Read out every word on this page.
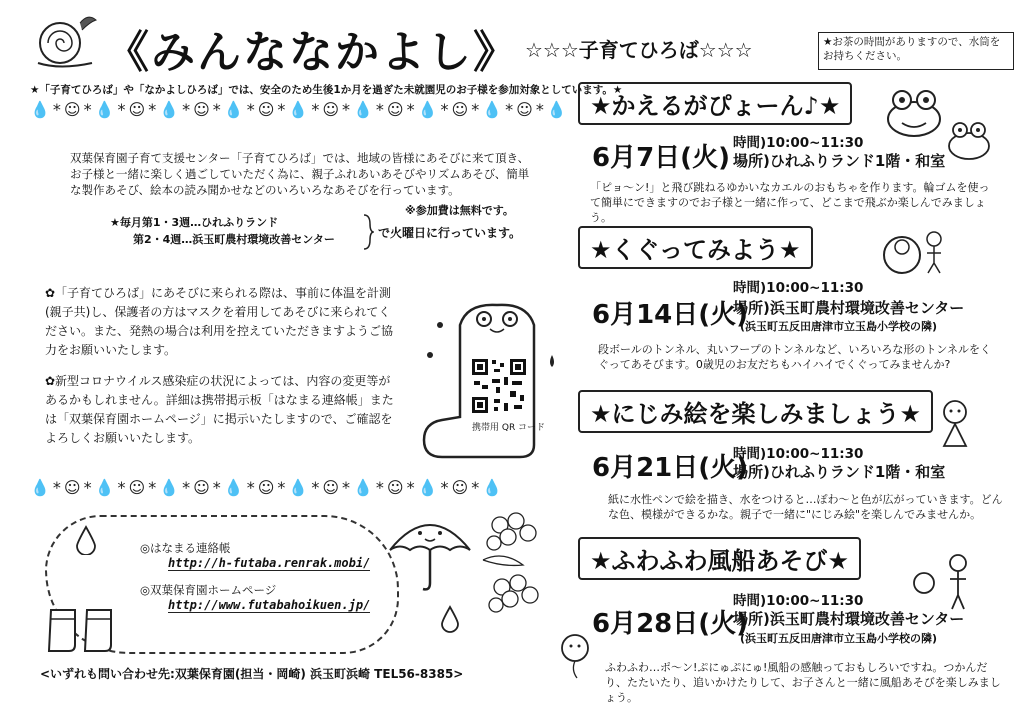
《みんななかよし》 ☆☆☆子育てひろば☆☆☆	★お茶の時間がありますので、水筒をお持ちください。
★「子育てひろば」や「なかよしひろば」では、安全のため生後1か月を過ぎた未就園児のお子様を参加対象としています。★
💧*☺*💧*☺*💧*☺*💧*☺*💧*☺*💧*☺*💧*☺*💧*☺*💧
双葉保育園子育て支援センター「子育てひろば」では、地域の皆様にあそびに来て頂き、お子様と一緒に楽しく過ごしていただく為に、親子ふれあいあそびやリズムあそび、簡単な製作あそび、絵本の読み聞かせなどのいろいろなあそびを行っています。
※参加費は無料です。
★毎月第1・3週…ひれふりランド
第2・4週…浜玉町農村環境改善センター	で火曜日に行っています。
✿「子育てひろば」にあそびに来られる際は、事前に体温を計測(親子共)し、保護者の方はマスクを着用してあそびに来られてください。また、発熱の場合は利用を控えていただきますようご協力をお願いいたします。
✿新型コロナウイルス感染症の状況によっては、内容の変更等があるかもしれません。詳細は携帯掲示板「はなまる連絡帳」または「双葉保育園ホームページ」に掲示いたしますので、ご確認をよろしくお願いいたします。
携帯用 QR コード
💧*☺*💧*☺*💧*☺*💧*☺*💧*☺*💧*☺*💧*☺*💧
◎はなまる連絡帳
http://h-futaba.renrak.mobi/
◎双葉保育園ホームページ
http://www.futabahoikuen.jp/
<いずれも問い合わせ先:双葉保育園(担当・岡崎) 浜玉町浜崎 TEL56-8385>
★かえるがぴょーん♪★
6月7日(火) 時間)10:00~11:30
場所)ひれふりランド1階・和室
「ピョ〜ン!」と飛び跳ねるゆかいなカエルのおもちゃを作ります。輪ゴムを使って簡単にできますのでお子様と一緒に作って、どこまで飛ぶか楽しんでみましょう。
★くぐってみよう★
6月14日(火)
時間)10:00~11:30
場所)浜玉町農村環境改善センター
(浜玉町五反田唐津市立玉島小学校の隣)
段ボールのトンネル、丸いフープのトンネルなど、いろいろな形のトンネルをくぐってあそびます。0歳児のお友だちもハイハイでくぐってみませんか?
★にじみ絵を楽しみましょう★
6月21日(火)
時間)10:00~11:30
場所)ひれふりランド1階・和室
紙に水性ペンで絵を描き、水をつけると…ぽわ〜と色が広がっていきます。どんな色、模様ができるかな。親子で一緒に"にじみ絵"を楽しんでみませんか。
★ふわふわ風船あそび★
6月28日(火)
時間)10:00~11:30
場所)浜玉町農村環境改善センター
(浜玉町五反田唐津市立玉島小学校の隣)
ふわふわ…ポ〜ン!ぷにゅぷにゅ!風船の感触っておもしろいですね。つかんだり、たたいたり、追いかけたりして、お子さんと一緒に風船あそびを楽しみましょう。
